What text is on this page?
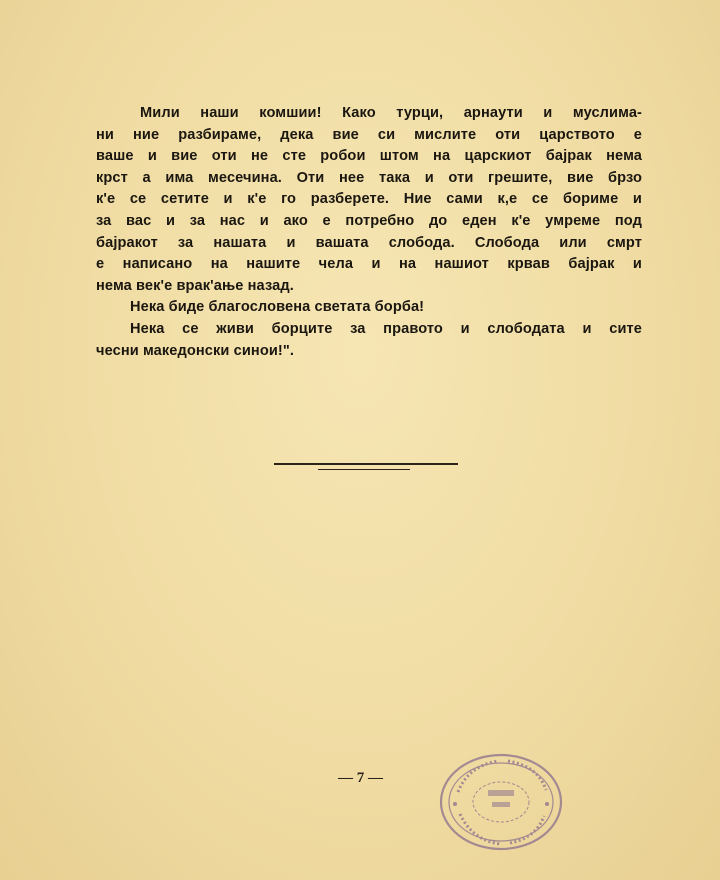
Мили наши комшии! Како турци, арнаути и муслима-
ни ние разбираме, дека вие си мислите оти царството е
ваше и вие оти не сте робои штом на царскиот бајрак нема
крст а има месечина. Оти нее така и оти грешите, вие брзо
к'е се сетите и к'е го разберете. Ние сами к,е се бориме и
за вас и за нас и ако е потребно до еден к'е умреме под
бајракот за нашата и вашата слобода. Слобода или смрт
е написано на нашите чела и на нашиот крвав бајрак и
нема век'е врак'ање назад.
Нека биде благословена светата борба!
Нека се живи борците за правото и слободата и сите
чесни македонски синои!".
— 7 —
